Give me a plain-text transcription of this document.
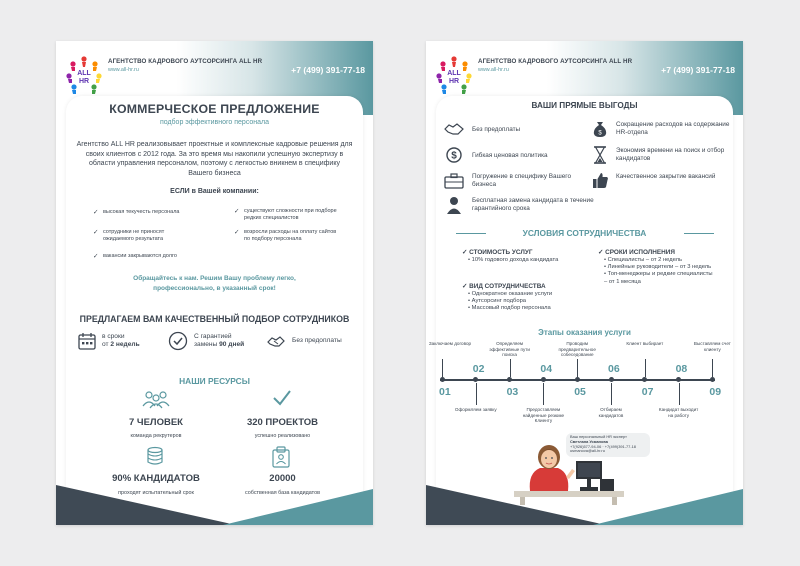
ALL
HR
АГЕНТСТВО КАДРОВОГО АУТСОРСИНГА ALL HR
www.all-hr.ru	+7 (499) 391-77-18
КОММЕРЧЕСКОЕ ПРЕДЛОЖЕНИЕ
подбор эффективного персонала
Агентство ALL HR реализовывает проектные и комплексные кадровые решения для своих клиентов с 2012 года. За это время мы накопили успешную экспертизу в области управления персоналом, поэтому с легкостью вникнем в специфику Вашего бизнеса
ЕСЛИ в Вашей компании:
✓ высокая текучесть персонала	✓ существуют сложности при подборе редких специалистов
✓ сотрудники не приносят ожидаемого результата
✓ возросли расходы на оплату сайтов по подбору персонала
✓ вакансии закрываются долго
Обращайтесь к нам. Решим Вашу проблему легко,
профессионально, в указанный срок!
ПРЕДЛАГАЕМ ВАМ КАЧЕСТВЕННЫЙ ПОДБОР СОТРУДНИКОВ
в сроки
от 2 недель
С гарантией
замены 90 дней
Без предоплаты
НАШИ РЕСУРСЫ
7 ЧЕЛОВЕК
команда рекрутеров
320 ПРОЕКТОВ
успешно реализовано
90% КАНДИДАТОВ
проходят испытательный срок
20000
собственная база кандидатов
ALL
HR
АГЕНТСТВО КАДРОВОГО АУТСОРСИНГА ALL HR
www.all-hr.ru	+7 (499) 391-77-18
ВАШИ ПРЯМЫЕ ВЫГОДЫ
Без предоплаты
$
Сокращение расходов на содержание HR-отдела
$ Гибкая ценовая политика
Экономия времени на поиск и отбор кандидатов
Погружение в специфику Вашего бизнеса
Качественное закрытие вакансий
Бесплатная замена кандидата в течение гарантийного срока
УСЛОВИЯ СОТРУДНИЧЕСТВА
✓ СТОИМОСТЬ УСЛУГ
• 10% годового дохода кандидата
✓ СРОКИ ИСПОЛНЕНИЯ
• Специалисты – от 2 недель
• Линейные руководители – от 3 недель
• Топ-менеджеры и редкие специалисты – от 1 месяца
✓ ВИД СОТРУДНИЧЕСТВА
• Однократное оказание услуги
• Аутсорсинг подбора
• Массовый подбор персонала
Этапы оказания услуги
01
Заключаем договор
02
Оформляем заявку
03
Определяем эффективные пути поиска
04
Предоставляем найденные резюме Клиенту
05
Проводим предварительное собеседование
06
Отбираем кандидатов
07
Клиент выбирает
08
Кандидат выходит на работу
09
Выставляем счет клиенту
Ваш персональный HR эксперт
Светлана Усманова
+7(926)577-94-06 · +7(499)391-77-18
usmanova@all-hr.ru
